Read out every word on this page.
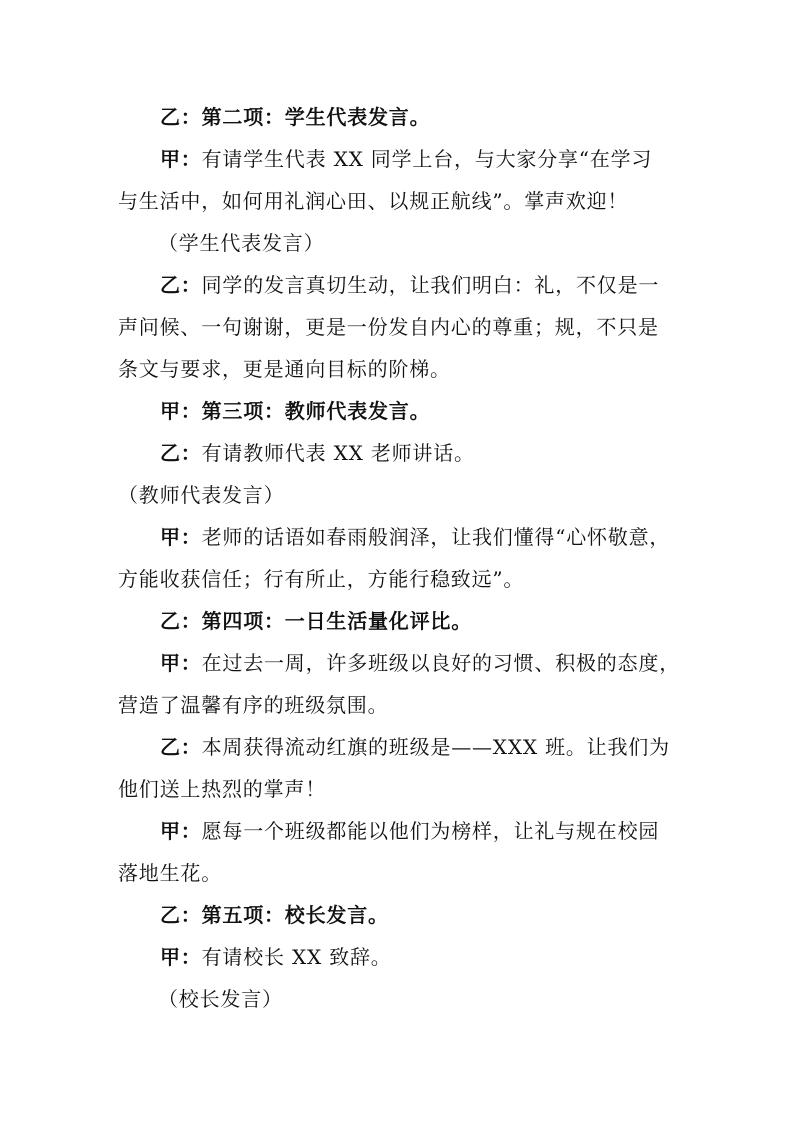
乙：第二项：学生代表发言。
甲：有请学生代表 XX 同学上台，与大家分享“在学习
与生活中，如何用礼润心田、以规正航线”。掌声欢迎！
（学生代表发言）
乙：同学的发言真切生动，让我们明白：礼，不仅是一
声问候、一句谢谢，更是一份发自内心的尊重；规，不只是
条文与要求，更是通向目标的阶梯。
甲：第三项：教师代表发言。
乙：有请教师代表 XX 老师讲话。
（教师代表发言）
甲：老师的话语如春雨般润泽，让我们懂得“心怀敬意，
方能收获信任；行有所止，方能行稳致远”。
乙：第四项：一日生活量化评比。
甲：在过去一周，许多班级以良好的习惯、积极的态度，
营造了温馨有序的班级氛围。
乙：本周获得流动红旗的班级是——XXX 班。让我们为
他们送上热烈的掌声！
甲：愿每一个班级都能以他们为榜样，让礼与规在校园
落地生花。
乙：第五项：校长发言。
甲：有请校长 XX 致辞。
（校长发言）
